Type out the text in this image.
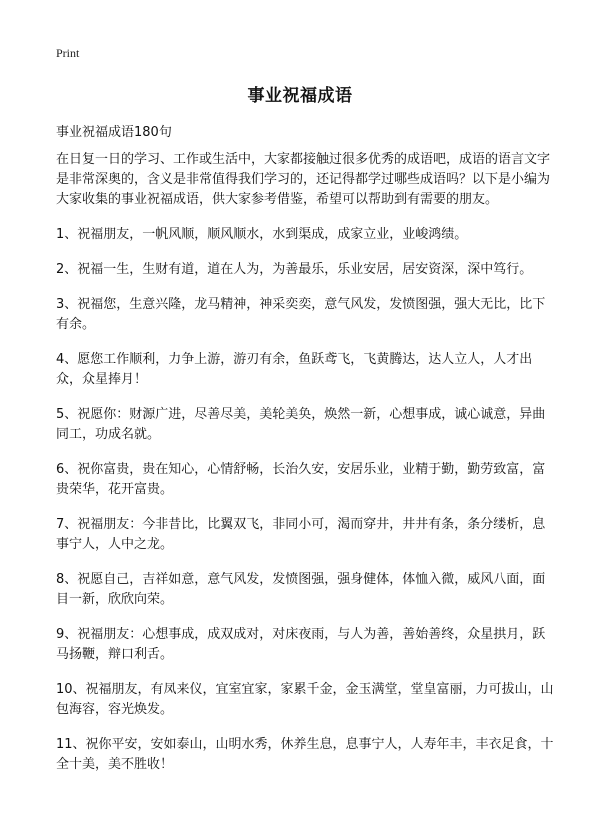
Print
事业祝福成语
事业祝福成语180句

在日复一日的学习、工作或生活中，大家都接触过很多优秀的成语吧，成语的语言文字是非常深奥的，含义是非常值得我们学习的，还记得都学过哪些成语吗？以下是小编为大家收集的事业祝福成语，供大家参考借鉴，希望可以帮助到有需要的朋友。

1、祝福朋友，一帆风顺，顺风顺水，水到渠成，成家立业，业峻鸿绩。

2、祝福一生，生财有道，道在人为，为善最乐，乐业安居，居安资深，深中笃行。

3、祝福您，生意兴隆，龙马精神，神采奕奕，意气风发，发愤图强，强大无比，比下有余。

4、愿您工作顺利，力争上游，游刃有余，鱼跃鸢飞，飞黄腾达，达人立人，人才出众，众星捧月！

5、祝愿你：财源广进，尽善尽美，美轮美奂，焕然一新，心想事成，诚心诚意，异曲同工，功成名就。

6、祝你富贵，贵在知心，心情舒畅，长治久安，安居乐业，业精于勤，勤劳致富，富贵荣华，花开富贵。

7、祝福朋友：今非昔比，比翼双飞，非同小可，渴而穿井，井井有条，条分缕析，息事宁人，人中之龙。

8、祝愿自己，吉祥如意，意气风发，发愤图强，强身健体，体恤入微，威风八面，面目一新，欣欣向荣。

9、祝福朋友：心想事成，成双成对，对床夜雨，与人为善，善始善终，众星拱月，跃马扬鞭，辩口利舌。

10、祝福朋友，有凤来仪，宜室宜家，家累千金，金玉满堂，堂皇富丽，力可拔山，山包海容，容光焕发。

11、祝你平安，安如泰山，山明水秀，休养生息，息事宁人，人寿年丰，丰衣足食，十全十美，美不胜收！
